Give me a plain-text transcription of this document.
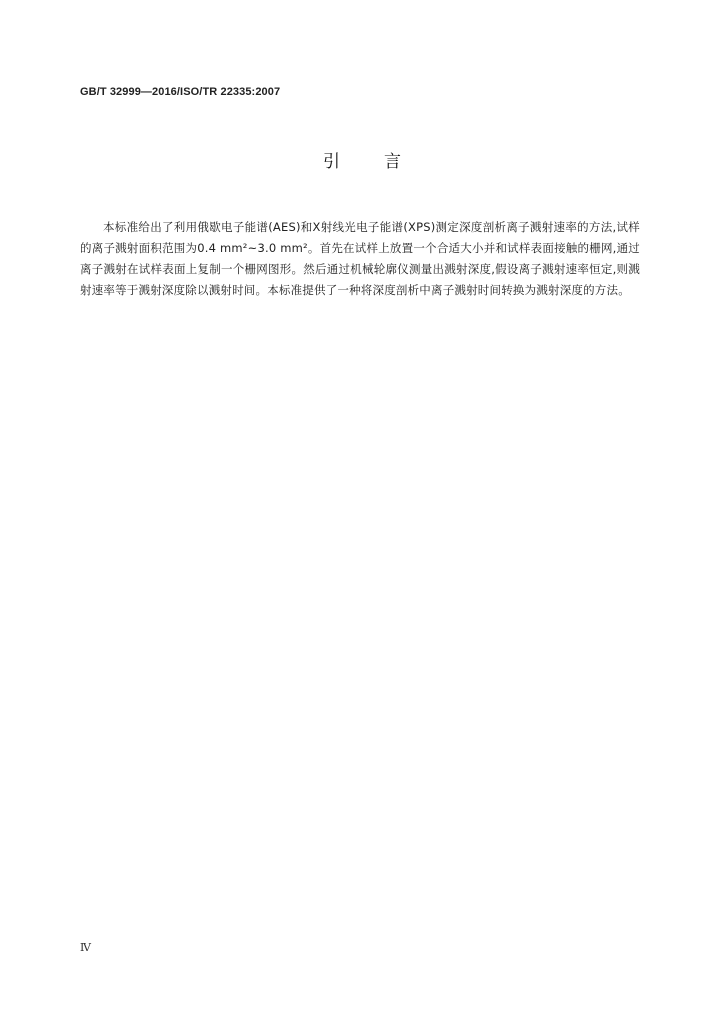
GB/T 32999—2016/ISO/TR 22335:2007
引	言

本标准给出了利用俄歇电子能谱(AES)和X射线光电子能谱(XPS)测定深度剖析离子溅射速率的方法,试样的离子溅射面积范围为0.4 mm²~3.0 mm²。首先在试样上放置一个合适大小并和试样表面接触的栅网,通过离子溅射在试样表面上复制一个栅网图形。然后通过机械轮廓仪测量出溅射深度,假设离子溅射速率恒定,则溅射速率等于溅射深度除以溅射时间。本标准提供了一种将深度剖析中离子溅射时间转换为溅射深度的方法。

Ⅳ
